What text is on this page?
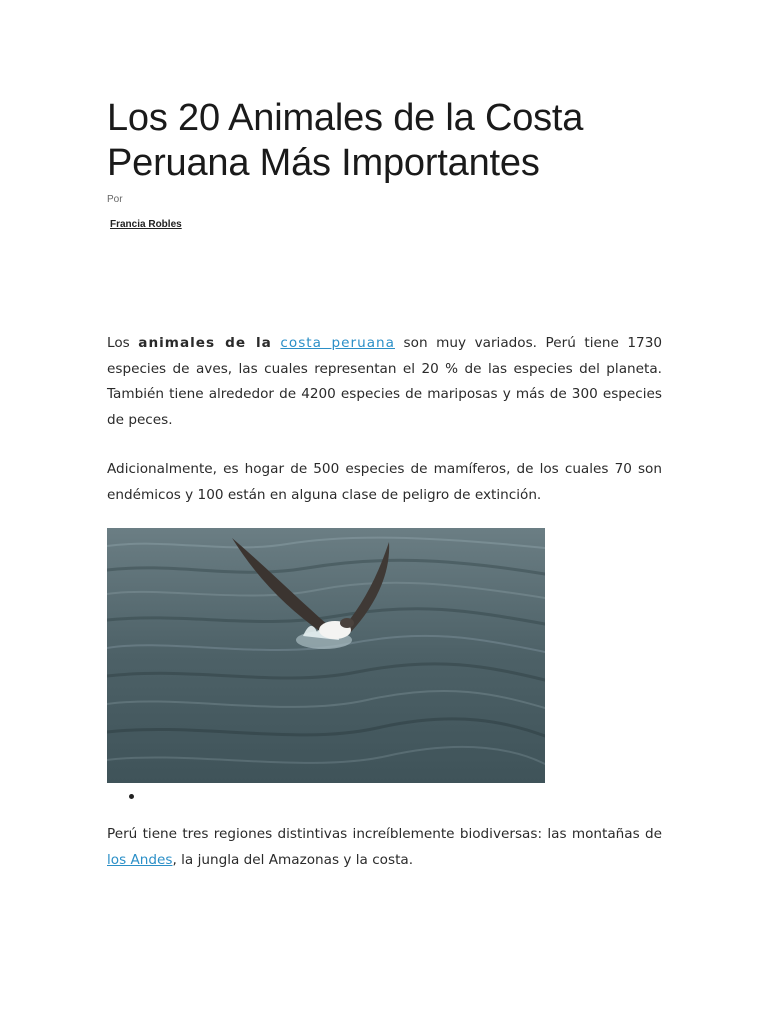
Los 20 Animales de la Costa Peruana Más Importantes
Por
Francia Robles

Los animales de la costa peruana son muy variados. Perú tiene 1730 especies de aves, las cuales representan el 20 % de las especies del planeta. También tiene alrededor de 4200 especies de mariposas y más de 300 especies de peces.

Adicionalmente, es hogar de 500 especies de mamíferos, de los cuales 70 son endémicos y 100 están en alguna clase de peligro de extinción.

Perú tiene tres regiones distintivas increíblemente biodiversas: las montañas de los Andes, la jungla del Amazonas y la costa.
